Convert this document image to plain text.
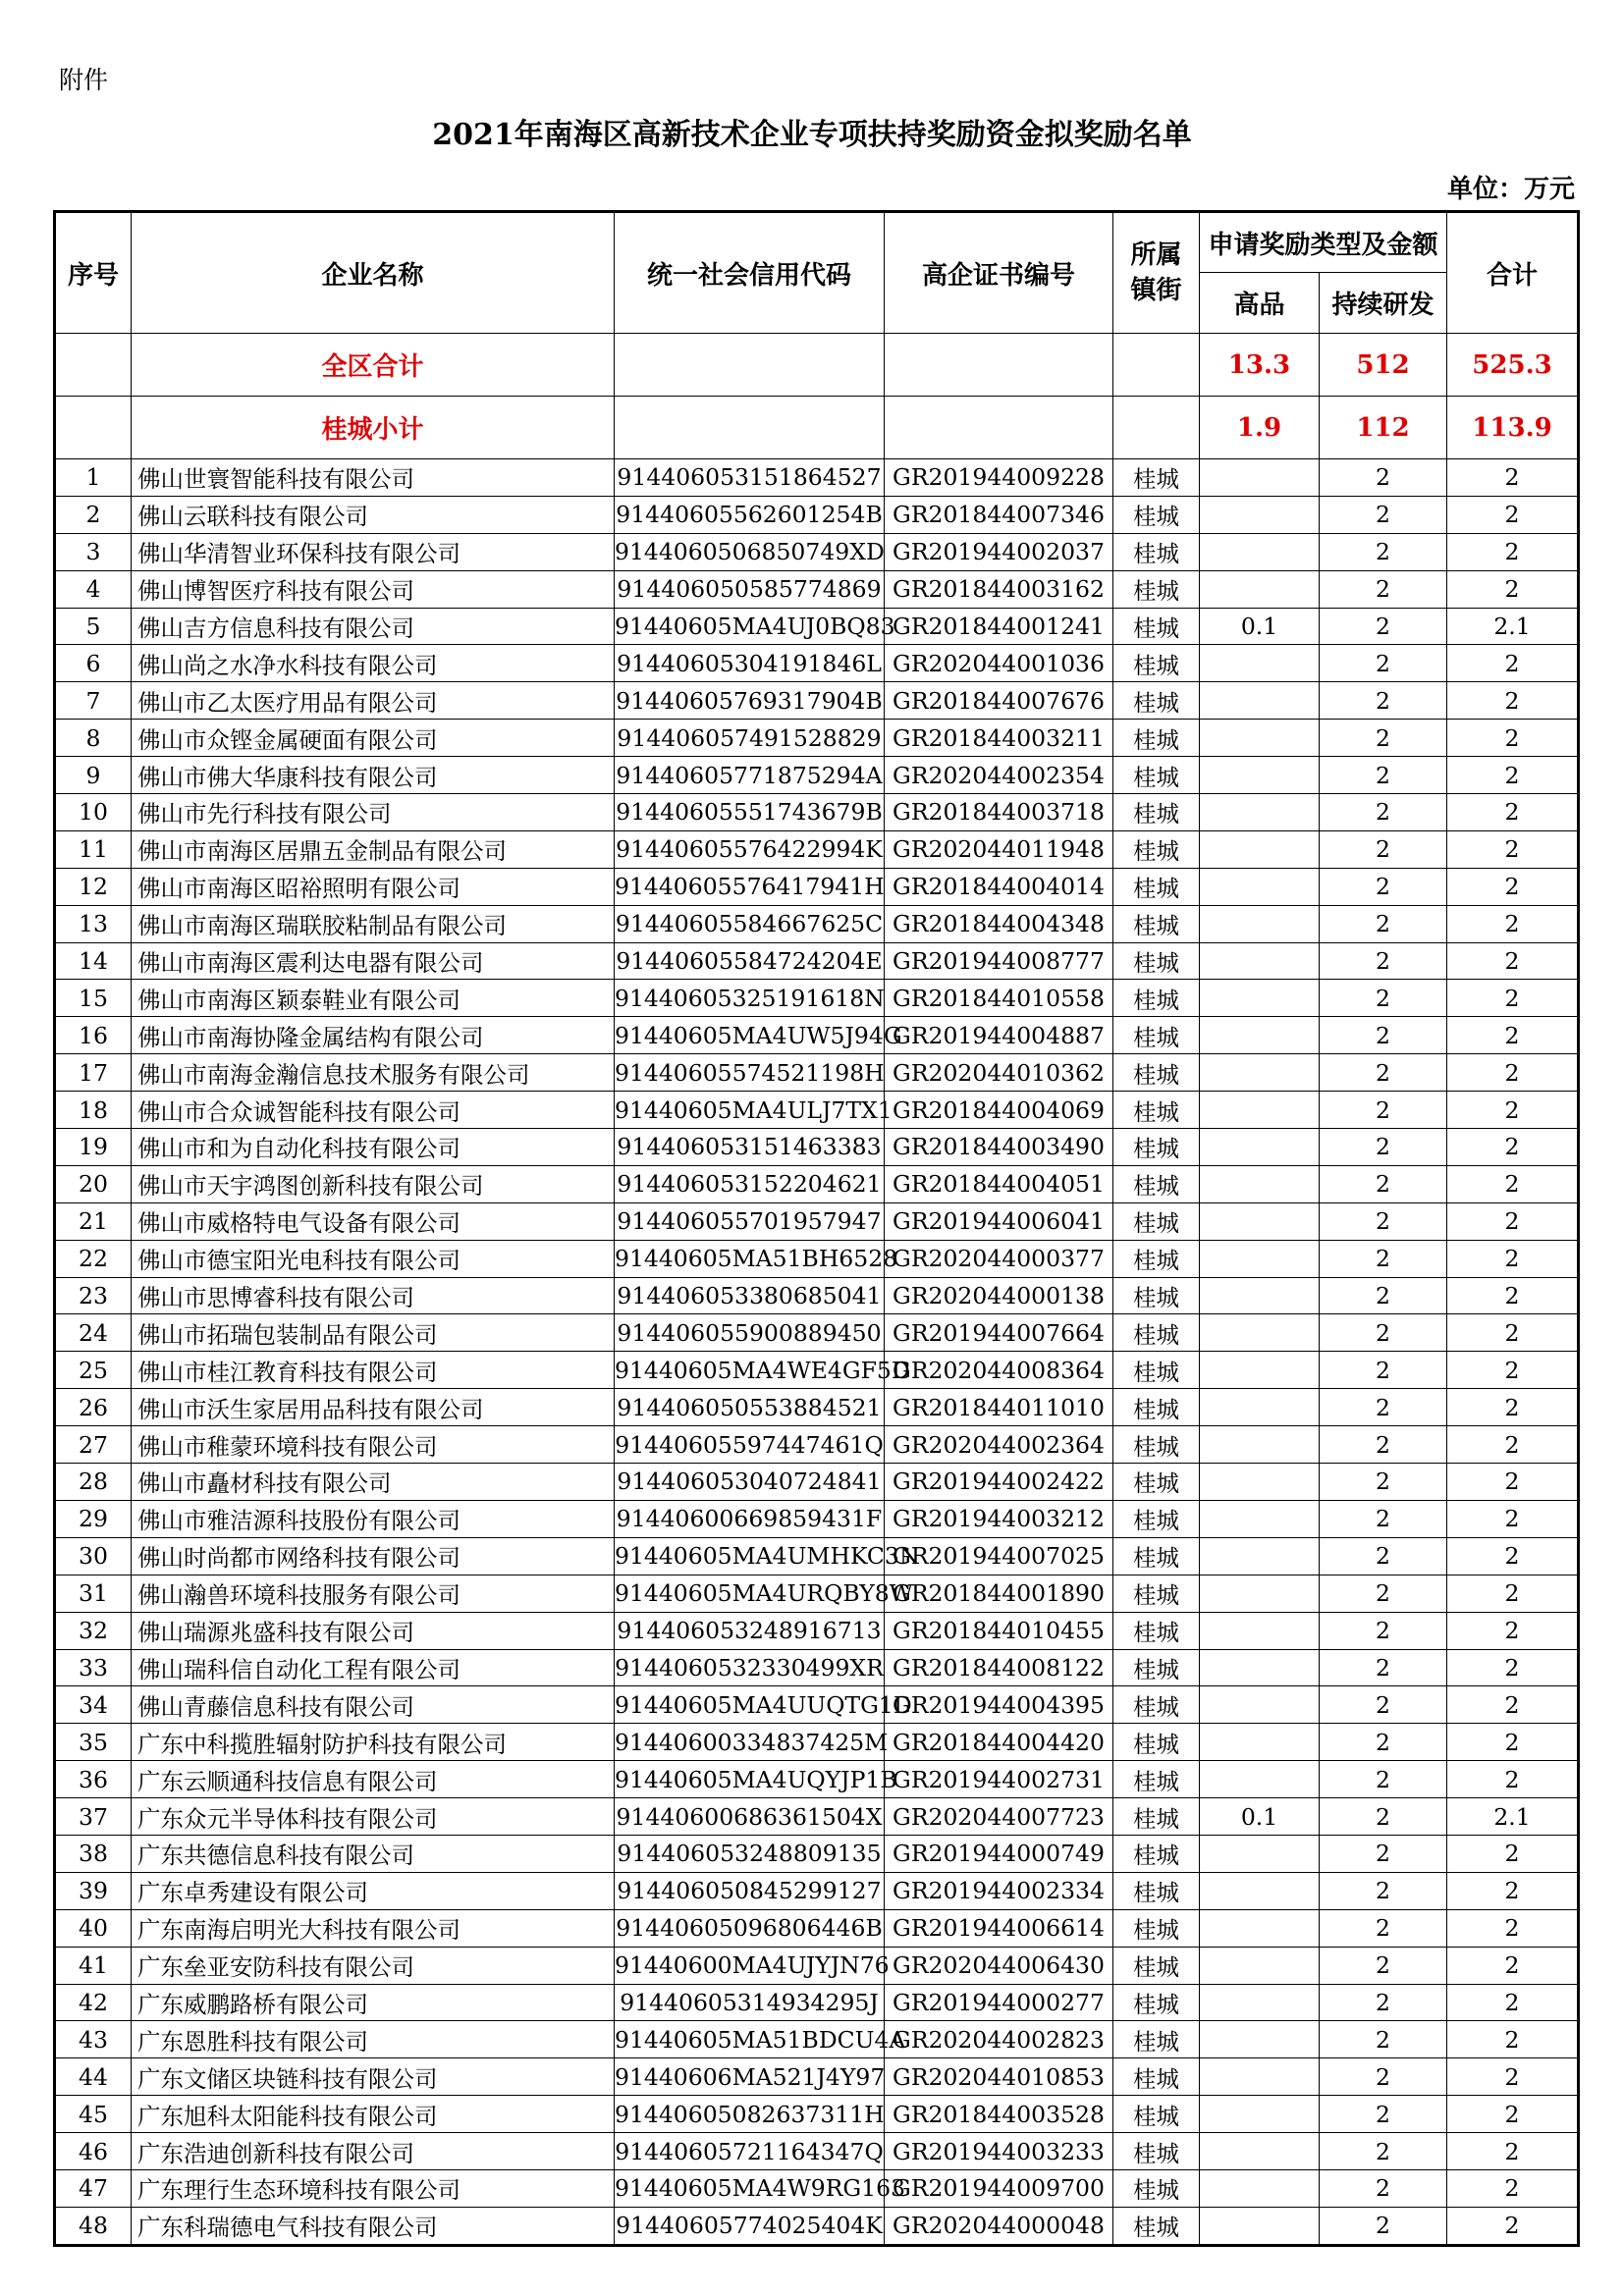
附件
2021年南海区高新技术企业专项扶持奖励资金拟奖励名单
单位：万元
序号	企业名称	统一社会信用代码	高企证书编号	所属
镇街	申请奖励类型及金额		合计
					高品	持续研发	
	全区合计				13.3	512	525.3
	桂城小计				1.9	112	113.9
1	佛山世寰智能科技有限公司	914406053151864527	GR201944009228	桂城		2	2
2	佛山云联科技有限公司	91440605562601254B	GR201844007346	桂城		2	2
3	佛山华清智业环保科技有限公司	9144060506850749XD	GR201944002037	桂城		2	2
4	佛山博智医疗科技有限公司	914406050585774869	GR201844003162	桂城		2	2
5	佛山吉方信息科技有限公司	91440605MA4UJ0BQ83	GR201844001241	桂城	0.1	2	2.1
6	佛山尚之水净水科技有限公司	91440605304191846L	GR202044001036	桂城		2	2
7	佛山市乙太医疗用品有限公司	91440605769317904B	GR201844007676	桂城		2	2
8	佛山市众铿金属硬面有限公司	914406057491528829	GR201844003211	桂城		2	2
9	佛山市佛大华康科技有限公司	91440605771875294A	GR202044002354	桂城		2	2
10	佛山市先行科技有限公司	91440605551743679B	GR201844003718	桂城		2	2
11	佛山市南海区居鼎五金制品有限公司	91440605576422994K	GR202044011948	桂城		2	2
12	佛山市南海区昭裕照明有限公司	91440605576417941H	GR201844004014	桂城		2	2
13	佛山市南海区瑞联胶粘制品有限公司	91440605584667625C	GR201844004348	桂城		2	2
14	佛山市南海区震利达电器有限公司	91440605584724204E	GR201944008777	桂城		2	2
15	佛山市南海区颖泰鞋业有限公司	91440605325191618N	GR201844010558	桂城		2	2
16	佛山市南海协隆金属结构有限公司	91440605MA4UW5J94G	GR201944004887	桂城		2	2
17	佛山市南海金瀚信息技术服务有限公司	91440605574521198H	GR202044010362	桂城		2	2
18	佛山市合众诚智能科技有限公司	91440605MA4ULJ7TX1	GR201844004069	桂城		2	2
19	佛山市和为自动化科技有限公司	914406053151463383	GR201844003490	桂城		2	2
20	佛山市天宇鸿图创新科技有限公司	914406053152204621	GR201844004051	桂城		2	2
21	佛山市威格特电气设备有限公司	914406055701957947	GR201944006041	桂城		2	2
22	佛山市德宝阳光电科技有限公司	91440605MA51BH6528	GR202044000377	桂城		2	2
23	佛山市思博睿科技有限公司	914406053380685041	GR202044000138	桂城		2	2
24	佛山市拓瑞包装制品有限公司	914406055900889450	GR201944007664	桂城		2	2
25	佛山市桂江教育科技有限公司	91440605MA4WE4GF5D	GR202044008364	桂城		2	2
26	佛山市沃生家居用品科技有限公司	914406050553884521	GR201844011010	桂城		2	2
27	佛山市稚蒙环境科技有限公司	91440605597447461Q	GR202044002364	桂城		2	2
28	佛山市矗材科技有限公司	914406053040724841	GR201944002422	桂城		2	2
29	佛山市雅洁源科技股份有限公司	91440600669859431F	GR201944003212	桂城		2	2
30	佛山时尚都市网络科技有限公司	91440605MA4UMHKC3N	GR201944007025	桂城		2	2
31	佛山瀚兽环境科技服务有限公司	91440605MA4URQBY8W	GR201844001890	桂城		2	2
32	佛山瑞源兆盛科技有限公司	914406053248916713	GR201844010455	桂城		2	2
33	佛山瑞科信自动化工程有限公司	9144060532330499XR	GR201844008122	桂城		2	2
34	佛山青藤信息科技有限公司	91440605MA4UUQTG1D	GR201944004395	桂城		2	2
35	广东中科揽胜辐射防护科技有限公司	91440600334837425M	GR201844004420	桂城		2	2
36	广东云顺通科技信息有限公司	91440605MA4UQYJP1B	GR201944002731	桂城		2	2
37	广东众元半导体科技有限公司	91440600686361504X	GR202044007723	桂城	0.1	2	2.1
38	广东共德信息科技有限公司	914406053248809135	GR201944000749	桂城		2	2
39	广东卓秀建设有限公司	914406050845299127	GR201944002334	桂城		2	2
40	广东南海启明光大科技有限公司	91440605096806446B	GR201944006614	桂城		2	2
41	广东垒亚安防科技有限公司	91440600MA4UJYJN76	GR202044006430	桂城		2	2
42	广东威鹏路桥有限公司	91440605314934295J	GR201944000277	桂城		2	2
43	广东恩胜科技有限公司	91440605MA51BDCU4A	GR202044002823	桂城		2	2
44	广东文储区块链科技有限公司	91440606MA521J4Y97	GR202044010853	桂城		2	2
45	广东旭科太阳能科技有限公司	91440605082637311H	GR201844003528	桂城		2	2
46	广东浩迪创新科技有限公司	91440605721164347Q	GR201944003233	桂城		2	2
47	广东理行生态环境科技有限公司	91440605MA4W9RG163	GR201944009700	桂城		2	2
48	广东科瑞德电气科技有限公司	91440605774025404K	GR202044000048	桂城		2	2
